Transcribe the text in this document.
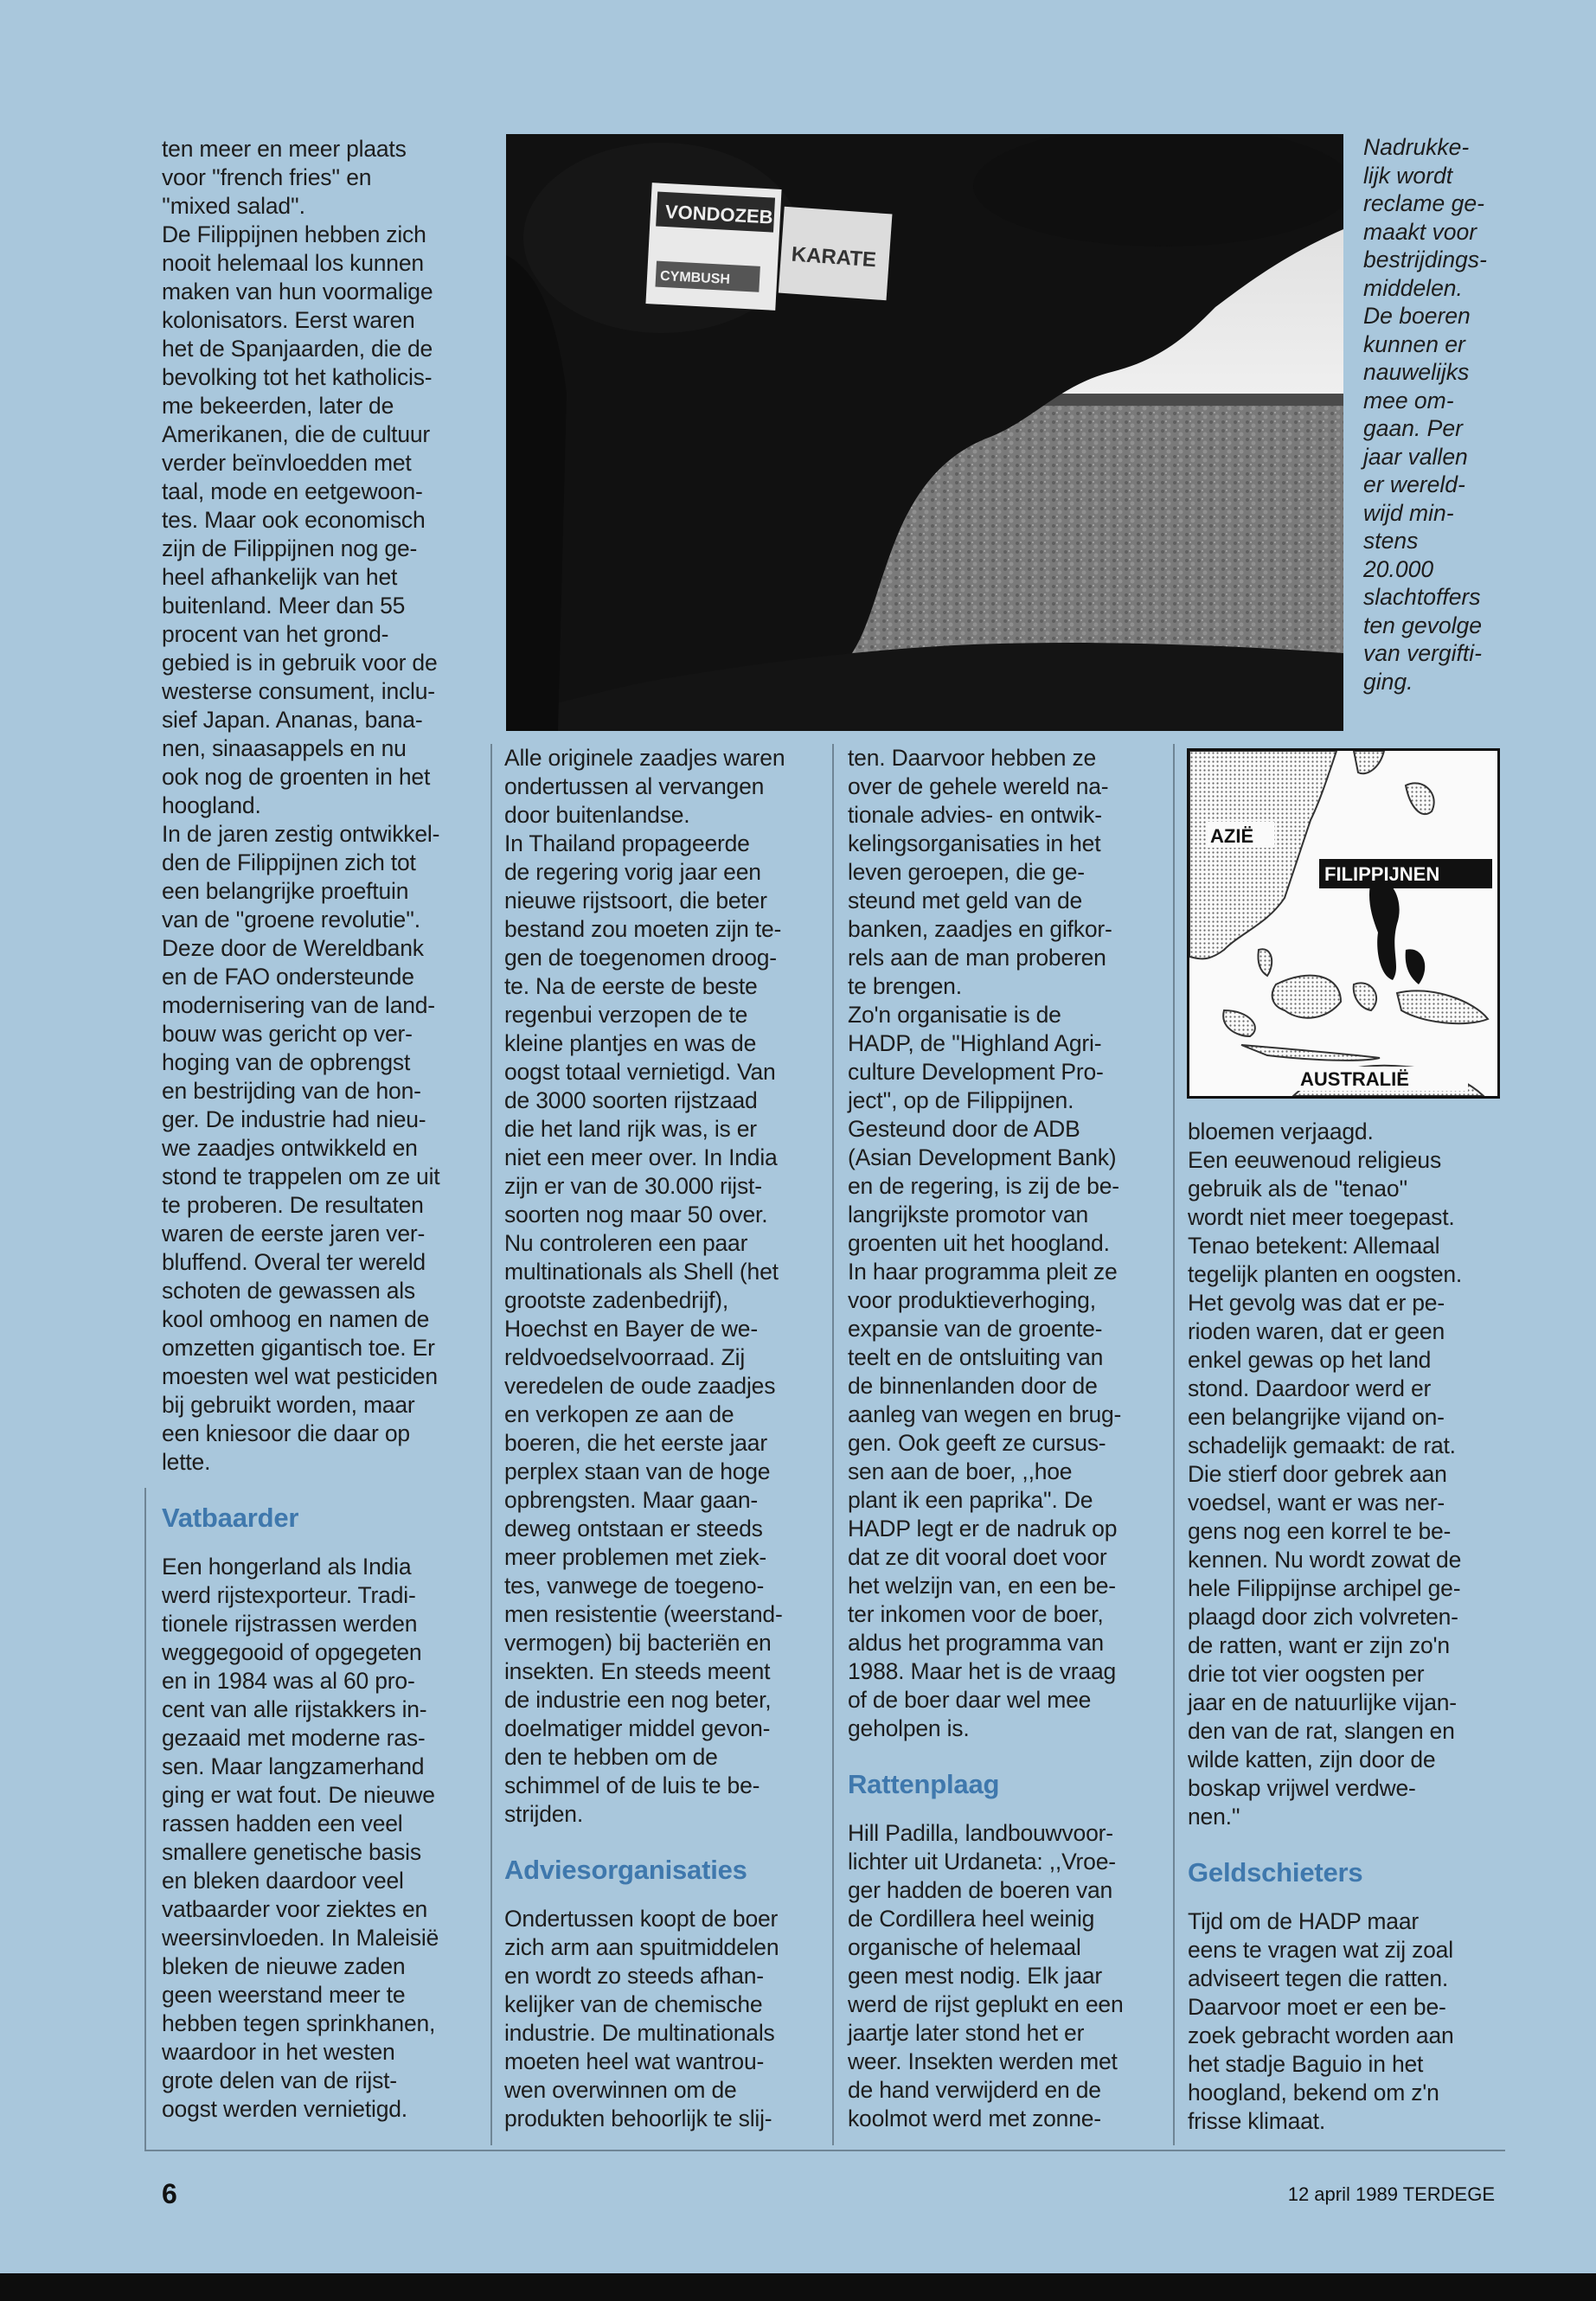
ten meer en meer plaats
voor ''french fries'' en
''mixed salad''.
De Filippijnen hebben zich
nooit helemaal los kunnen
maken van hun voormalige
kolonisators. Eerst waren
het de Spanjaarden, die de
bevolking tot het katholicis-
me bekeerden, later de
Amerikanen, die de cultuur
verder beïnvloedden met
taal, mode en eetgewoon-
tes. Maar ook economisch
zijn de Filippijnen nog ge-
heel afhankelijk van het
buitenland. Meer dan 55
procent van het grond-
gebied is in gebruik voor de
westerse consument, inclu-
sief Japan. Ananas, bana-
nen, sinaasappels en nu
ook nog de groenten in het
hoogland.
In de jaren zestig ontwikkel-
den de Filippijnen zich tot
een belangrijke proeftuin
van de ''groene revolutie''.
Deze door de Wereldbank
en de FAO ondersteunde
modernisering van de land-
bouw was gericht op ver-
hoging van de opbrengst
en bestrijding van de hon-
ger. De industrie had nieu-
we zaadjes ontwikkeld en
stond te trappelen om ze uit
te proberen. De resultaten
waren de eerste jaren ver-
bluffend. Overal ter wereld
schoten de gewassen als
kool omhoog en namen de
omzetten gigantisch toe. Er
moesten wel wat pesticiden
bij gebruikt worden, maar
een kniesoor die daar op
lette.

Vatbaarder

Een hongerland als India
werd rijstexporteur. Tradi-
tionele rijstrassen werden
weggegooid of opgegeten
en in 1984 was al 60 pro-
cent van alle rijstakkers in-
gezaaid met moderne ras-
sen. Maar langzamerhand
ging er wat fout. De nieuwe
rassen hadden een veel
smallere genetische basis
en bleken daardoor veel
vatbaarder voor ziektes en
weersinvloeden. In Maleisië
bleken de nieuwe zaden
geen weerstand meer te
hebben tegen sprinkhanen,
waardoor in het westen
grote delen van de rijst-
oogst werden vernietigd.

VONDOZEB
CYMBUSH
KARATE

Nadrukke-
lijk wordt
reclame ge-
maakt voor
bestrijdings-
middelen.
De boeren
kunnen er
nauwelijks
mee om-
gaan. Per
jaar vallen
er wereld-
wijd min-
stens
20.000
slachtoffers
ten gevolge
van vergifti-
ging.

AZIË
FILIPPIJNEN
AUSTRALIË

Alle originele zaadjes waren
ondertussen al vervangen
door buitenlandse.
In Thailand propageerde
de regering vorig jaar een
nieuwe rijstsoort, die beter
bestand zou moeten zijn te-
gen de toegenomen droog-
te. Na de eerste de beste
regenbui verzopen de te
kleine plantjes en was de
oogst totaal vernietigd. Van
de 3000 soorten rijstzaad
die het land rijk was, is er
niet een meer over. In India
zijn er van de 30.000 rijst-
soorten nog maar 50 over.
Nu controleren een paar
multinationals als Shell (het
grootste zadenbedrijf),
Hoechst en Bayer de we-
reldvoedselvoorraad. Zij
veredelen de oude zaadjes
en verkopen ze aan de
boeren, die het eerste jaar
perplex staan van de hoge
opbrengsten. Maar gaan-
deweg ontstaan er steeds
meer problemen met ziek-
tes, vanwege de toegeno-
men resistentie (weerstand-
vermogen) bij bacteriën en
insekten. En steeds meent
de industrie een nog beter,
doelmatiger middel gevon-
den te hebben om de
schimmel of de luis te be-
strijden.

Adviesorganisaties

Ondertussen koopt de boer
zich arm aan spuitmiddelen
en wordt zo steeds afhan-
kelijker van de chemische
industrie. De multinationals
moeten heel wat wantrou-
wen overwinnen om de
produkten behoorlijk te slij-

ten. Daarvoor hebben ze
over de gehele wereld na-
tionale advies- en ontwik-
kelingsorganisaties in het
leven geroepen, die ge-
steund met geld van de
banken, zaadjes en gifkor-
rels aan de man proberen
te brengen.
Zo'n organisatie is de
HADP, de ''Highland Agri-
culture Development Pro-
ject'', op de Filippijnen.
Gesteund door de ADB
(Asian Development Bank)
en de regering, is zij de be-
langrijkste promotor van
groenten uit het hoogland.
In haar programma pleit ze
voor produktieverhoging,
expansie van de groente-
teelt en de ontsluiting van
de binnenlanden door de
aanleg van wegen en brug-
gen. Ook geeft ze cursus-
sen aan de boer, ,,hoe
plant ik een paprika''. De
HADP legt er de nadruk op
dat ze dit vooral doet voor
het welzijn van, en een be-
ter inkomen voor de boer,
aldus het programma van
1988. Maar het is de vraag
of de boer daar wel mee
geholpen is.

Rattenplaag

Hill Padilla, landbouwvoor-
lichter uit Urdaneta: ,,Vroe-
ger hadden de boeren van
de Cordillera heel weinig
organische of helemaal
geen mest nodig. Elk jaar
werd de rijst geplukt en een
jaartje later stond het er
weer. Insekten werden met
de hand verwijderd en de
koolmot werd met zonne-

bloemen verjaagd.
Een eeuwenoud religieus
gebruik als de ''tenao''
wordt niet meer toegepast.
Tenao betekent: Allemaal
tegelijk planten en oogsten.
Het gevolg was dat er pe-
rioden waren, dat er geen
enkel gewas op het land
stond. Daardoor werd er
een belangrijke vijand on-
schadelijk gemaakt: de rat.
Die stierf door gebrek aan
voedsel, want er was ner-
gens nog een korrel te be-
kennen. Nu wordt zowat de
hele Filippijnse archipel ge-
plaagd door zich volvreten-
de ratten, want er zijn zo'n
drie tot vier oogsten per
jaar en de natuurlijke vijan-
den van de rat, slangen en
wilde katten, zijn door de
boskap vrijwel verdwe-
nen.''

Geldschieters

Tijd om de HADP maar
eens te vragen wat zij zoal
adviseert tegen die ratten.
Daarvoor moet er een be-
zoek gebracht worden aan
het stadje Baguio in het
hoogland, bekend om z'n
frisse klimaat.

6	12 april 1989 TERDEGE
